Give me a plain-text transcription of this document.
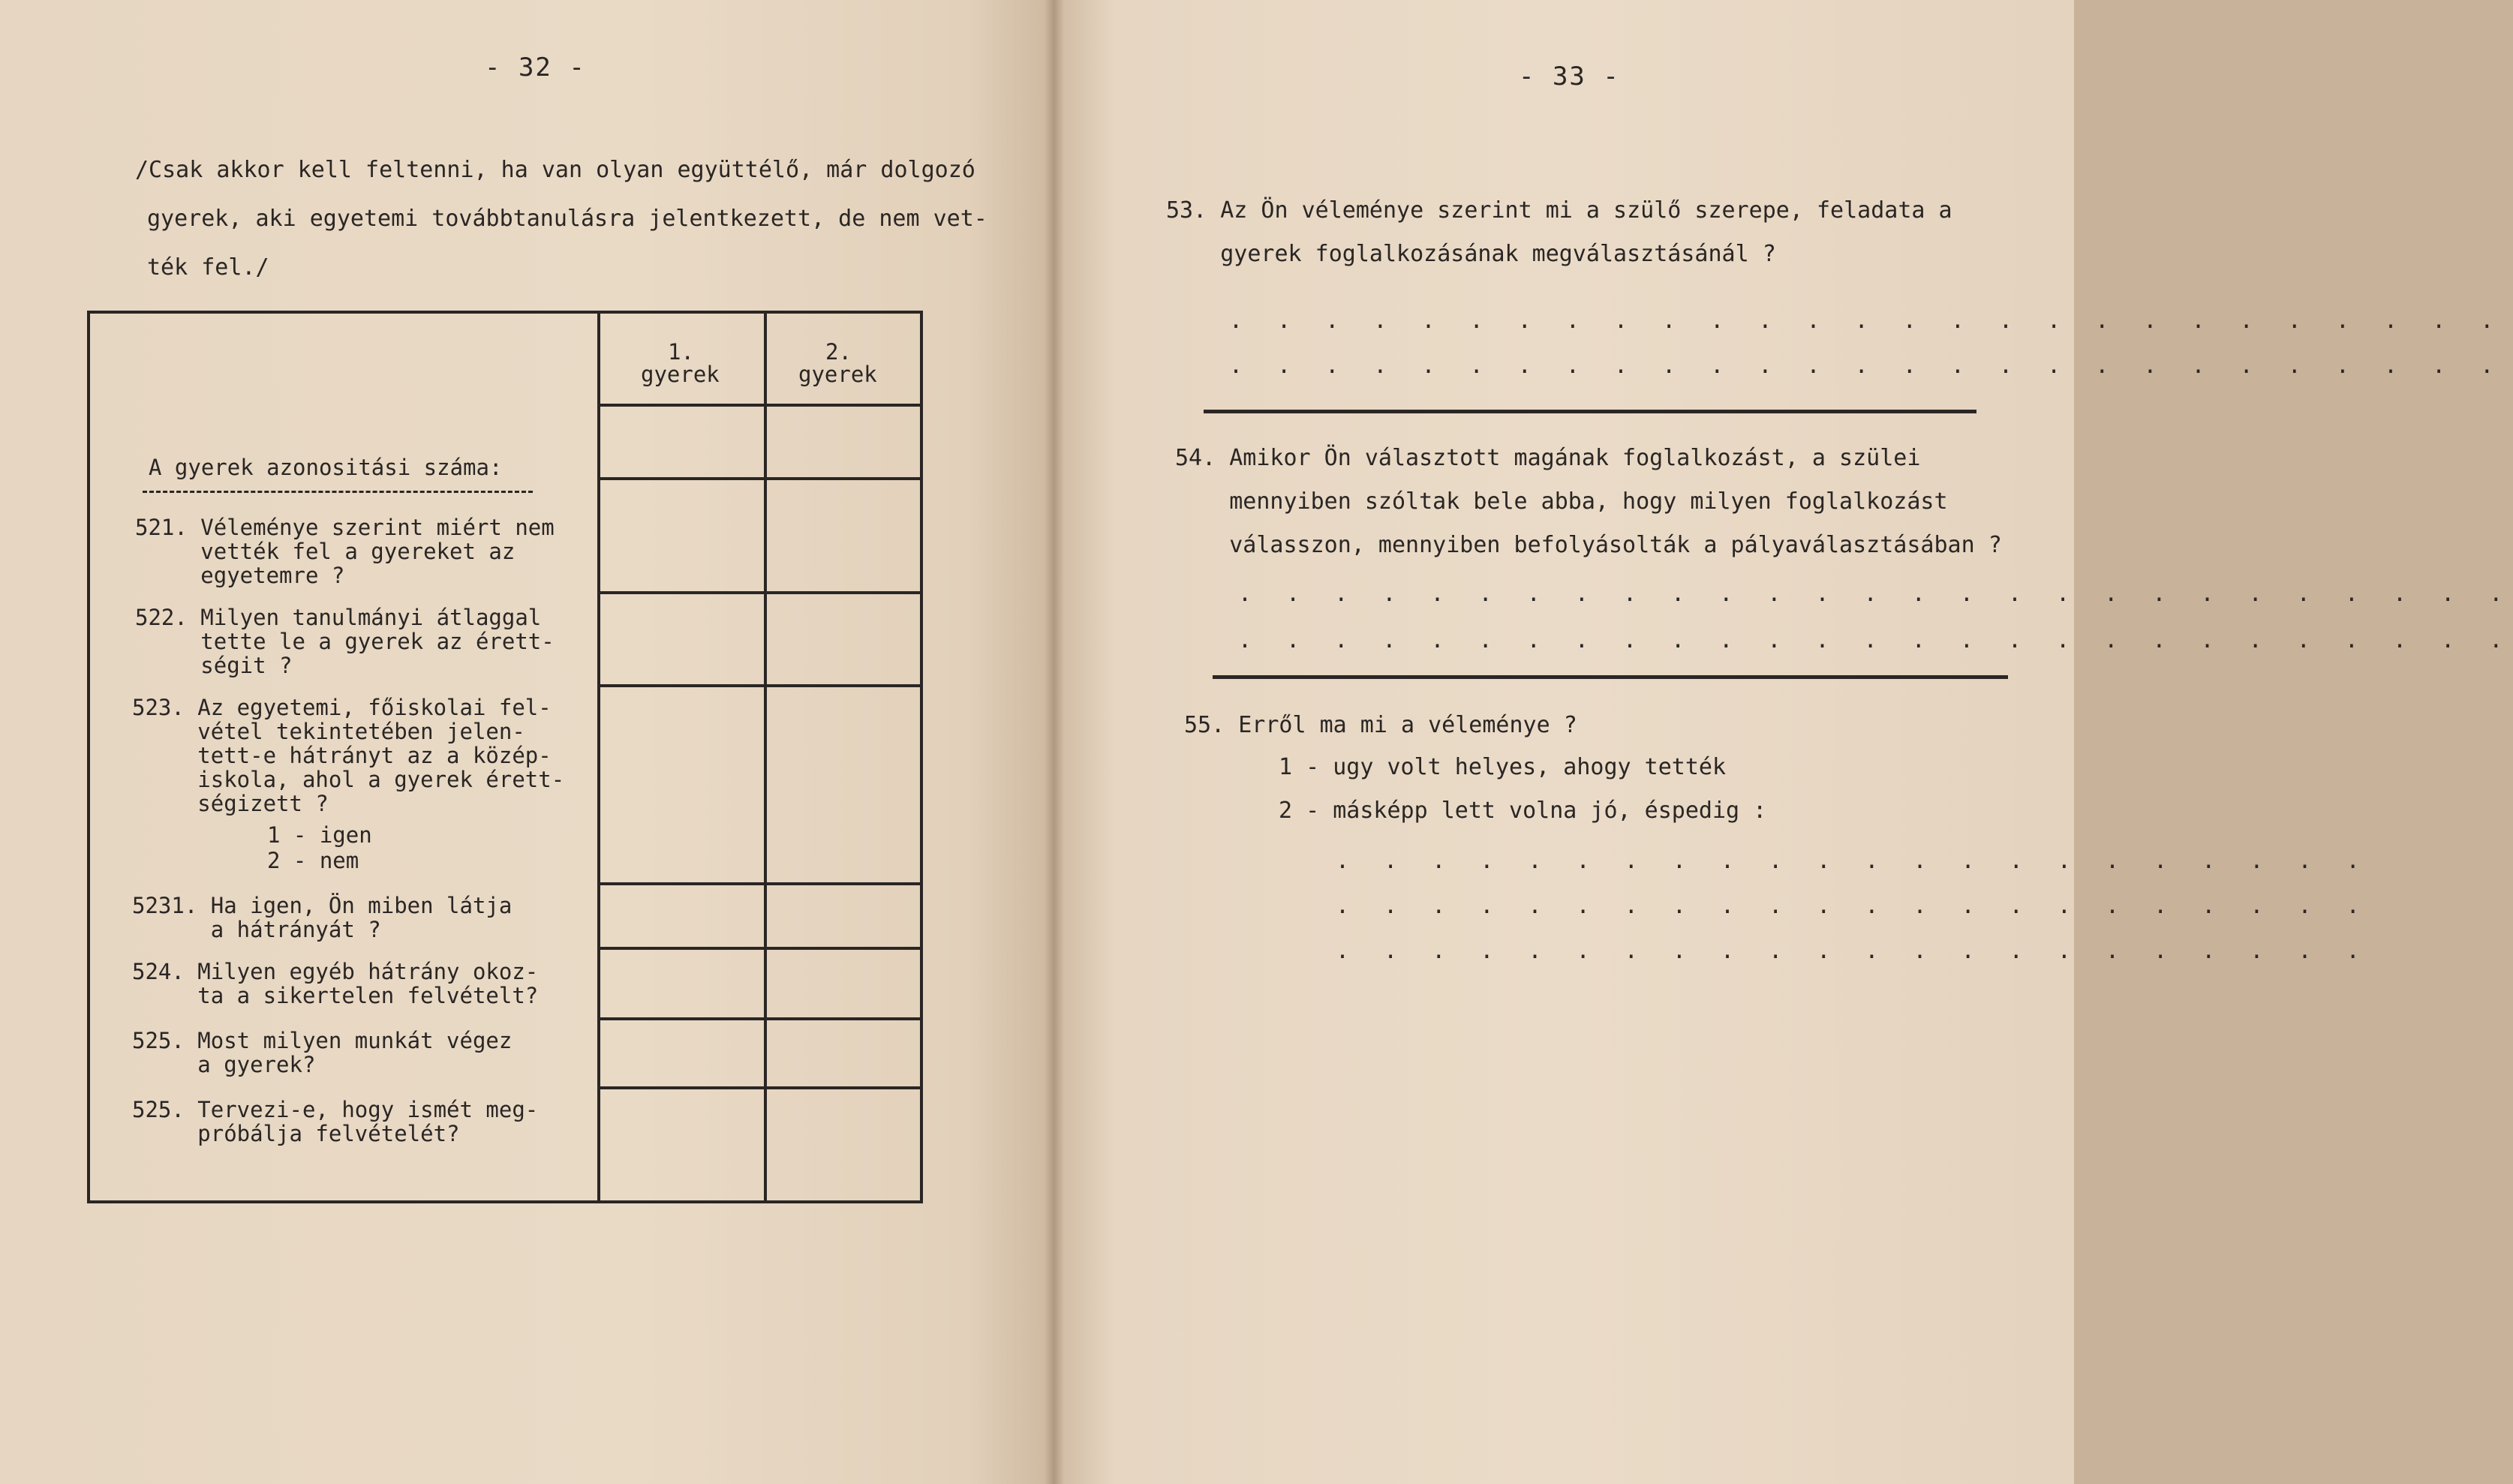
- 32 -
/Csak akkor kell feltenni, ha van olyan együttélő, már dolgozó
gyerek, aki egyetemi továbbtanulásra jelentkezett, de nem vet-
ték fel./
1.
gyerek
2.
gyerek
A gyerek azonositási száma:
521. Véleménye szerint miért nem
vették fel a gyereket az
egyetemre ?
522. Milyen tanulmányi átlaggal
tette le a gyerek az érett-
ségit ?
523. Az egyetemi, főiskolai fel-
vétel tekintetében jelen-
tett-e hátrányt az a közép-
iskola, ahol a gyerek érett-
ségizett ?
1 - igen
2 - nem
5231. Ha igen, Ön miben látja
a hátrányát ?
524. Milyen egyéb hátrány okoz-
ta a sikertelen felvételt?
525. Most milyen munkát végez
a gyerek?
525. Tervezi-e, hogy ismét meg-
próbálja felvételét?
- 33 -
53. Az Ön véleménye szerint mi a szülő szerepe, feladata a
gyerek foglalkozásának megválasztásánál ?
. . . . . . . . . . . . . . . . . . . . . . . . . . .
. . . . . . . . . . . . . . . . . . . . . . . . . . .
54. Amikor Ön választott magának foglalkozást, a szülei
mennyiben szóltak bele abba, hogy milyen foglalkozást
válasszon, mennyiben befolyásolták a pályaválasztásában ?
. . . . . . . . . . . . . . . . . . . . . . . . . . .
. . . . . . . . . . . . . . . . . . . . . . . . . . .
55. Erről ma mi a véleménye ?
1 - ugy volt helyes, ahogy tették
2 - másképp lett volna jó, éspedig :
. . . . . . . . . . . . . . . . . . . . . .
. . . . . . . . . . . . . . . . . . . . . .
. . . . . . . . . . . . . . . . . . . . . .
